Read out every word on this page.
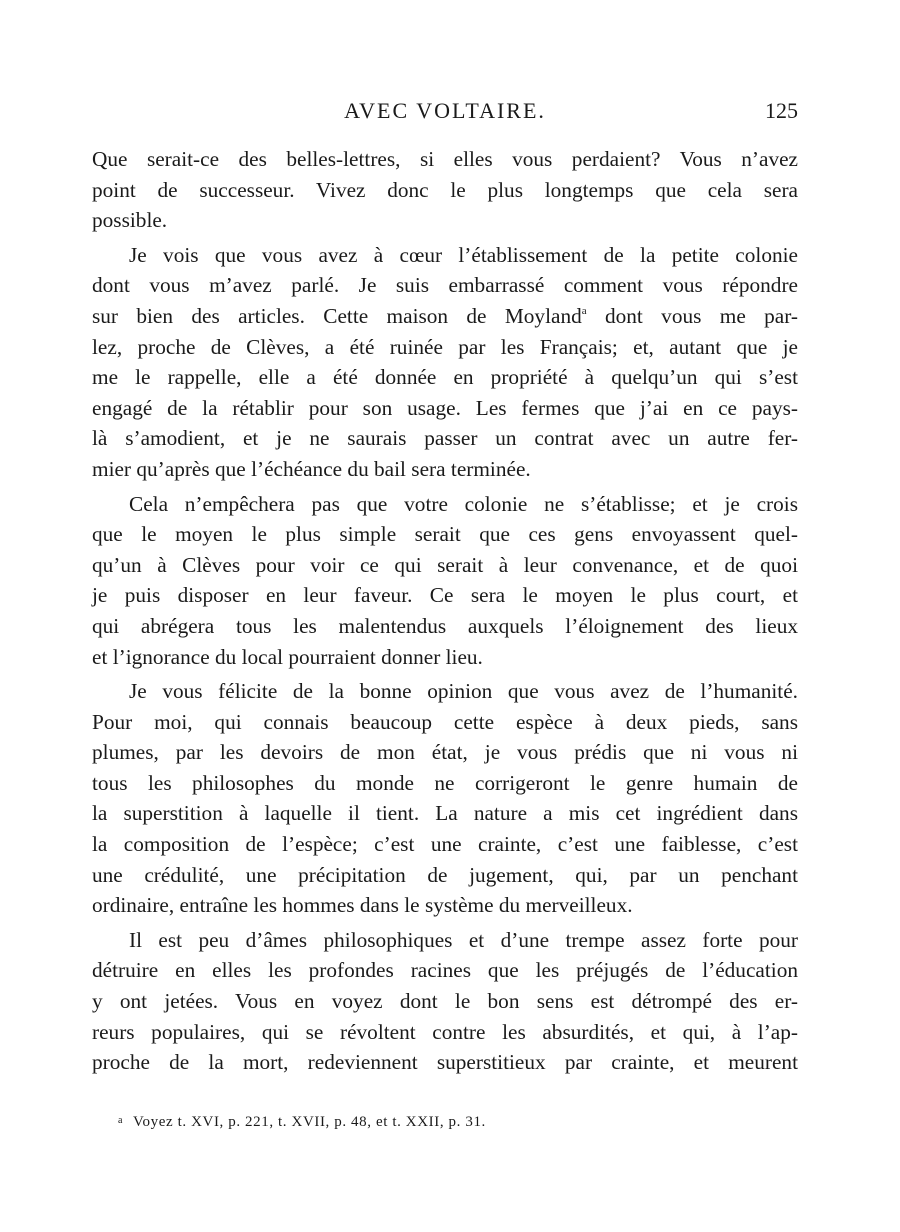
AVEC VOLTAIRE.	125
Que serait-ce des belles-lettres, si elles vous perdaient? Vous n’avez
point de successeur. Vivez donc le plus longtemps que cela sera
possible.
Je vois que vous avez à cœur l’établissement de la petite colonie
dont vous m’avez parlé. Je suis embarrassé comment vous répondre
sur bien des articles. Cette maison de Moyland$^a$ dont vous me par-
lez, proche de Clèves, a été ruinée par les Français; et, autant que je
me le rappelle, elle a été donnée en propriété à quelqu’un qui s’est
engagé de la rétablir pour son usage. Les fermes que j’ai en ce pays-
là s’amodient, et je ne saurais passer un contrat avec un autre fer-
mier qu’après que l’échéance du bail sera terminée.
Cela n’empêchera pas que votre colonie ne s’établisse; et je crois
que le moyen le plus simple serait que ces gens envoyassent quel-
qu’un à Clèves pour voir ce qui serait à leur convenance, et de quoi
je puis disposer en leur faveur. Ce sera le moyen le plus court, et
qui abrégera tous les malentendus auxquels l’éloignement des lieux
et l’ignorance du local pourraient donner lieu.
Je vous félicite de la bonne opinion que vous avez de l’humanité.
Pour moi, qui connais beaucoup cette espèce à deux pieds, sans
plumes, par les devoirs de mon état, je vous prédis que ni vous ni
tous les philosophes du monde ne corrigeront le genre humain de
la superstition à laquelle il tient. La nature a mis cet ingrédient dans
la composition de l’espèce; c’est une crainte, c’est une faiblesse, c’est
une crédulité, une précipitation de jugement, qui, par un penchant
ordinaire, entraîne les hommes dans le système du merveilleux.
Il est peu d’âmes philosophiques et d’une trempe assez forte pour
détruire en elles les profondes racines que les préjugés de l’éducation
y ont jetées. Vous en voyez dont le bon sens est détrompé des er-
reurs populaires, qui se révoltent contre les absurdités, et qui, à l’ap-
proche de la mort, redeviennent superstitieux par crainte, et meurent
$^a$ Voyez t. XVI, p. 221, t. XVII, p. 48, et t. XXII, p. 31.
